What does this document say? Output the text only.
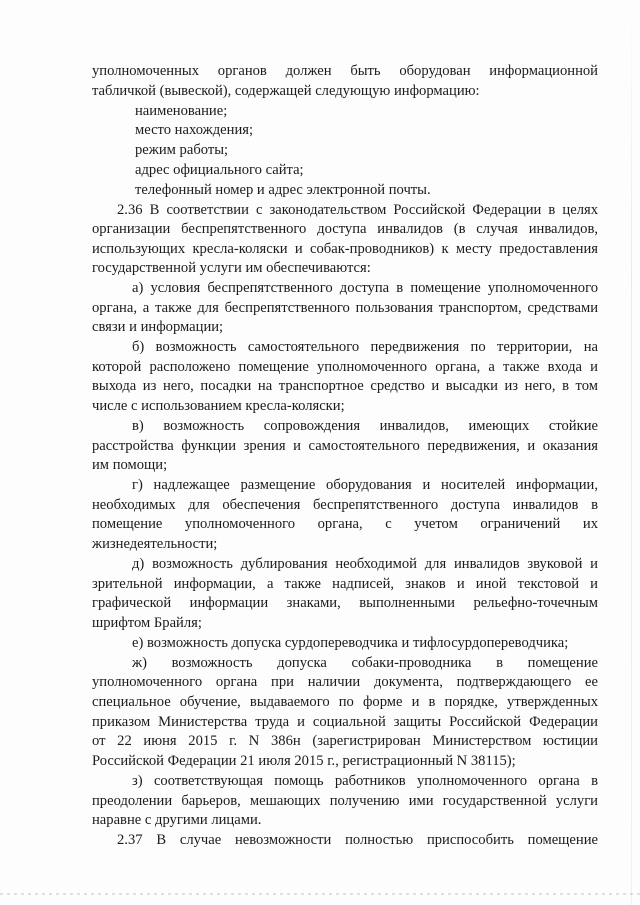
уполномоченных органов должен быть оборудован информационной
табличкой (вывеской), содержащей следующую информацию:
наименование;
место нахождения;
режим работы;
адрес официального сайта;
телефонный номер и адрес электронной почты.
2.36 В соответствии с законодательством Российской Федерации в целях
организации беспрепятственного доступа инвалидов (в случая инвалидов,
использующих кресла-коляски и собак-проводников) к месту предоставления
государственной услуги им обеспечиваются:
а) условия беспрепятственного доступа в помещение уполномоченного
органа, а также для беспрепятственного пользования транспортом, средствами
связи и информации;
б) возможность самостоятельного передвижения по территории, на
которой расположено помещение уполномоченного органа, а также входа и
выхода из него, посадки на транспортное средство и высадки из него, в том
числе с использованием кресла-коляски;
в) возможность сопровождения инвалидов, имеющих стойкие
расстройства функции зрения и самостоятельного передвижения, и оказания
им помощи;
г) надлежащее размещение оборудования и носителей информации,
необходимых для обеспечения беспрепятственного доступа инвалидов в
помещение уполномоченного органа, с учетом ограничений их
жизнедеятельности;
д) возможность дублирования необходимой для инвалидов звуковой и
зрительной информации, а также надписей, знаков и иной текстовой и
графической информации знаками, выполненными рельефно-точечным
шрифтом Брайля;
е) возможность допуска сурдопереводчика и тифлосурдопереводчика;
ж) возможность допуска собаки-проводника в помещение
уполномоченного органа при наличии документа, подтверждающего ее
специальное обучение, выдаваемого по форме и в порядке, утвержденных
приказом Министерства труда и социальной защиты Российской Федерации
от 22 июня 2015 г. N 386н (зарегистрирован Министерством юстиции
Российской Федерации 21 июля 2015 г., регистрационный N 38115);
з) соответствующая помощь работников уполномоченного органа в
преодолении барьеров, мешающих получению ими государственной услуги
наравне с другими лицами.
2.37 В случае невозможности полностью приспособить помещение
